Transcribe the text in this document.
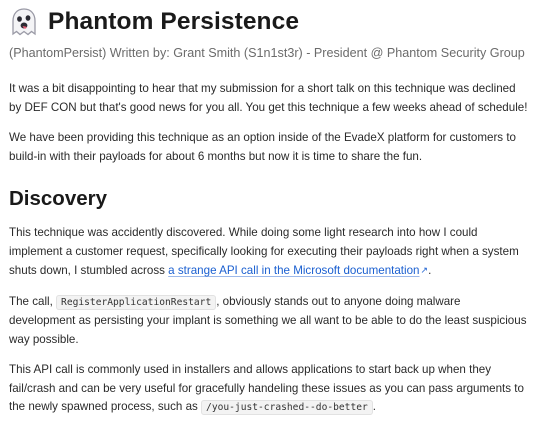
Phantom Persistence
(PhantomPersist) Written by: Grant Smith (S1n1st3r) - President @ Phantom Security Group

It was a bit disappointing to hear that my submission for a short talk on this technique was declined by DEF CON but that's good news for you all. You get this technique a few weeks ahead of schedule!

We have been providing this technique as an option inside of the EvadeX platform for customers to build-in with their payloads for about 6 months but now it is time to share the fun.

Discovery

This technique was accidently discovered. While doing some light research into how I could implement a customer request, specifically looking for executing their payloads right when a system shuts down, I stumbled across a strange API call in the Microsoft documentation↗.

The call, RegisterApplicationRestart , obviously stands out to anyone doing malware development as persisting your implant is something we all want to be able to do the least suspicious way possible.

This API call is commonly used in installers and allows applications to start back up when they fail/crash and can be very useful for gracefully handeling these issues as you can pass arguments to the newly spawned process, such as /you-just-crashed--do-better .
